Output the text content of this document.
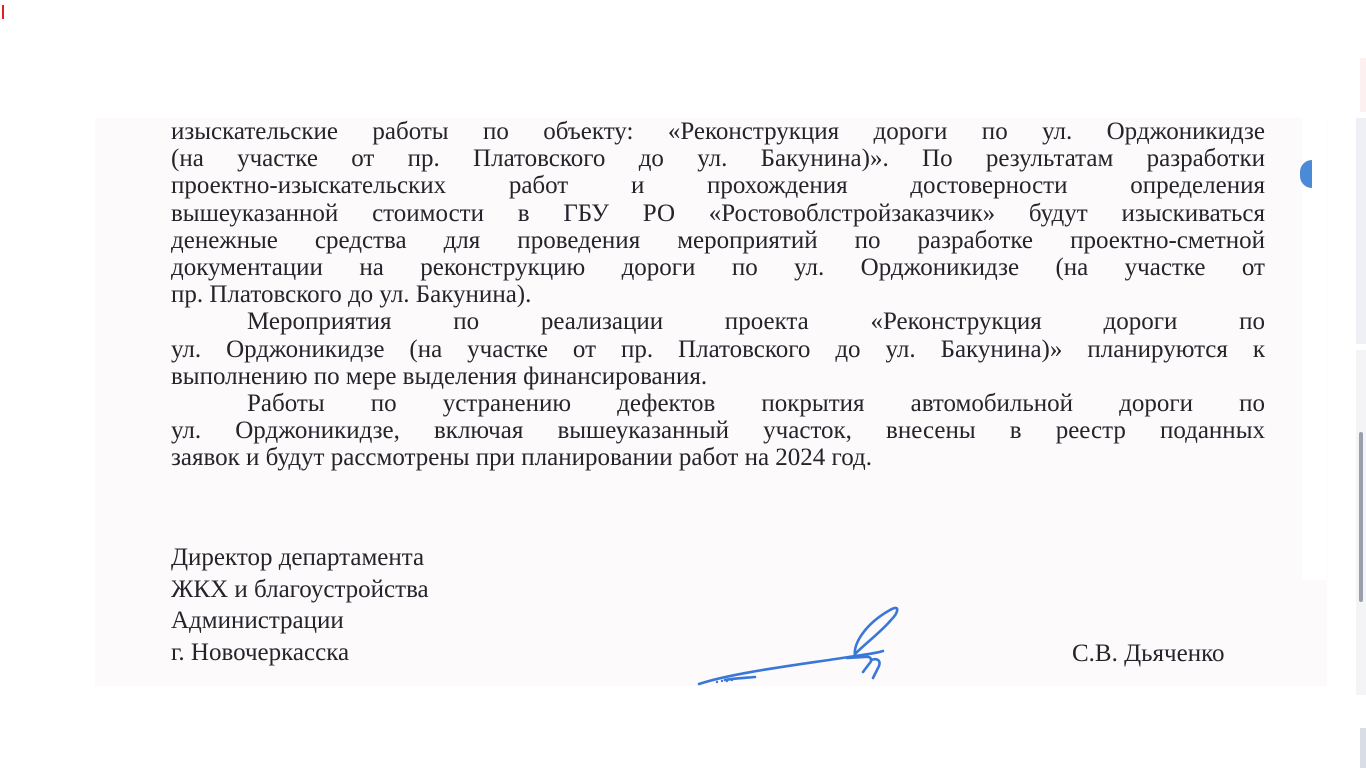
изыскательские работы по объекту: «Реконструкция дороги по ул. Орджоникидзе

(на участке от пр. Платовского до ул. Бакунина)». По результатам разработки

проектно-изыскательских работ и прохождения достоверности определения

вышеуказанной стоимости в ГБУ РО «Ростовоблстройзаказчик» будут изыскиваться

денежные средства для проведения мероприятий по разработке проектно-сметной

документации на реконструкцию дороги по ул. Орджоникидзе (на участке от

пр. Платовского до ул. Бакунина).

Мероприятия по реализации проекта «Реконструкция дороги по

ул. Орджоникидзе (на участке от пр. Платовского до ул. Бакунина)» планируются к

выполнению по мере выделения финансирования.

Работы по устранению дефектов покрытия автомобильной дороги по

ул. Орджоникидзе, включая вышеуказанный участок, внесены в реестр поданных

заявок и будут рассмотрены при планировании работ на 2024 год.

Директор департамента
ЖКХ и благоустройства
Администрации
г. Новочеркасска	С.В. Дьяченко
